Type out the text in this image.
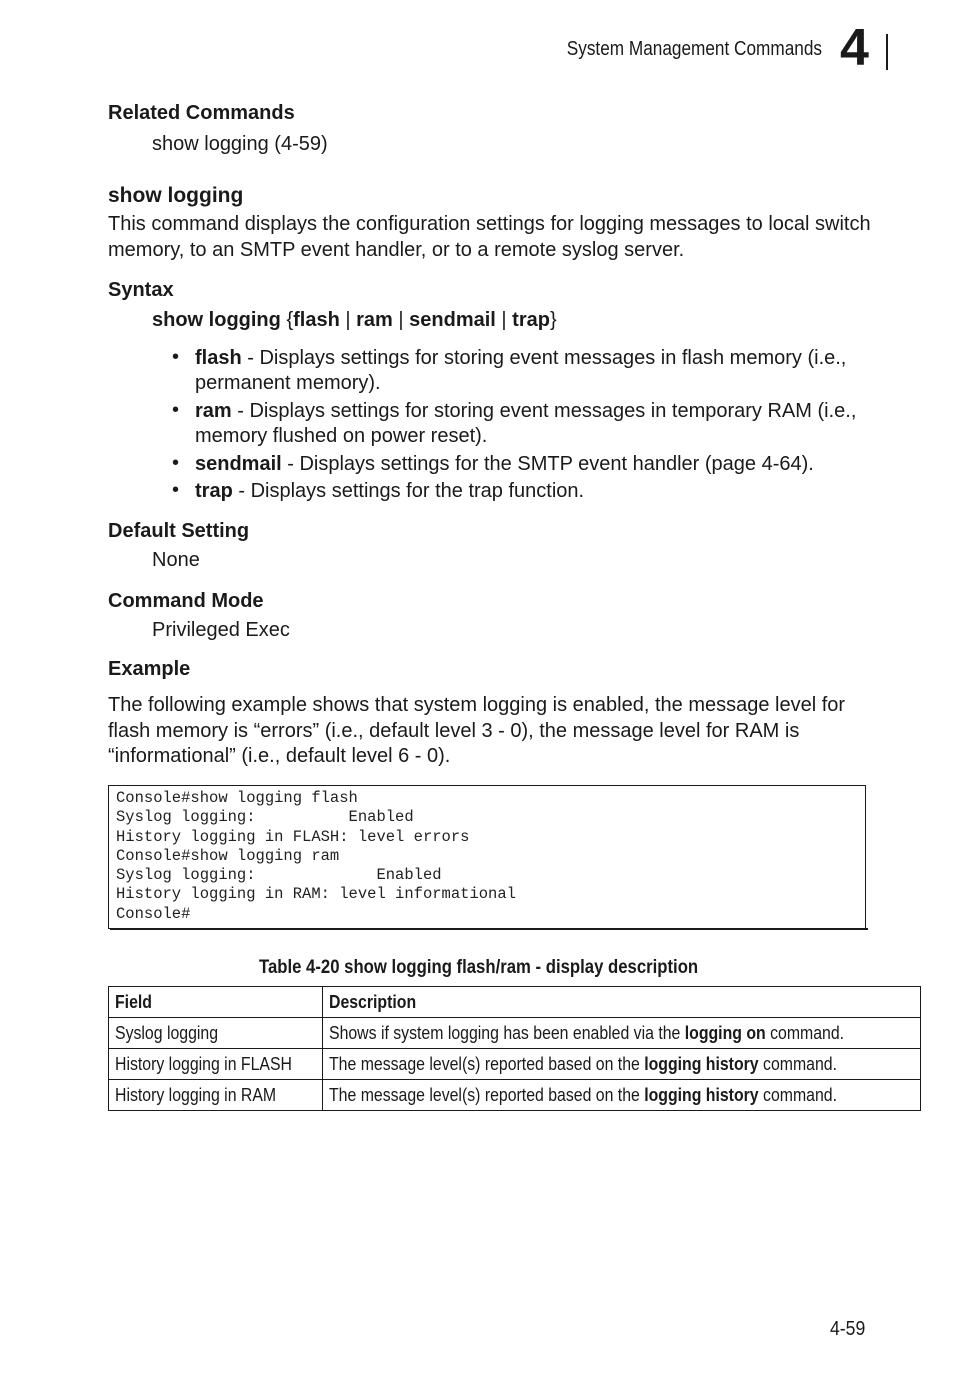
System Management Commands 4
Related Commands
show logging (4-59)
show logging
This command displays the configuration settings for logging messages to local switch memory, to an SMTP event handler, or to a remote syslog server.
Syntax
show logging {flash | ram | sendmail | trap}
• flash - Displays settings for storing event messages in flash memory (i.e., permanent memory).
• ram - Displays settings for storing event messages in temporary RAM (i.e., memory flushed on power reset).
• sendmail - Displays settings for the SMTP event handler (page 4-64).
• trap - Displays settings for the trap function.
Default Setting
None
Command Mode
Privileged Exec
Example
The following example shows that system logging is enabled, the message level for flash memory is “errors” (i.e., default level 3 - 0), the message level for RAM is “informational” (i.e., default level 6 - 0).
Console#show logging flash
Syslog logging:          Enabled
History logging in FLASH: level errors
Console#show logging ram
Syslog logging:             Enabled
History logging in RAM: level informational
Console#
Table 4-20 show logging flash/ram - display description
Field	Description
Syslog logging	Shows if system logging has been enabled via the logging on command.
History logging in FLASH	The message level(s) reported based on the logging history command.
History logging in RAM	The message level(s) reported based on the logging history command.
4-59
